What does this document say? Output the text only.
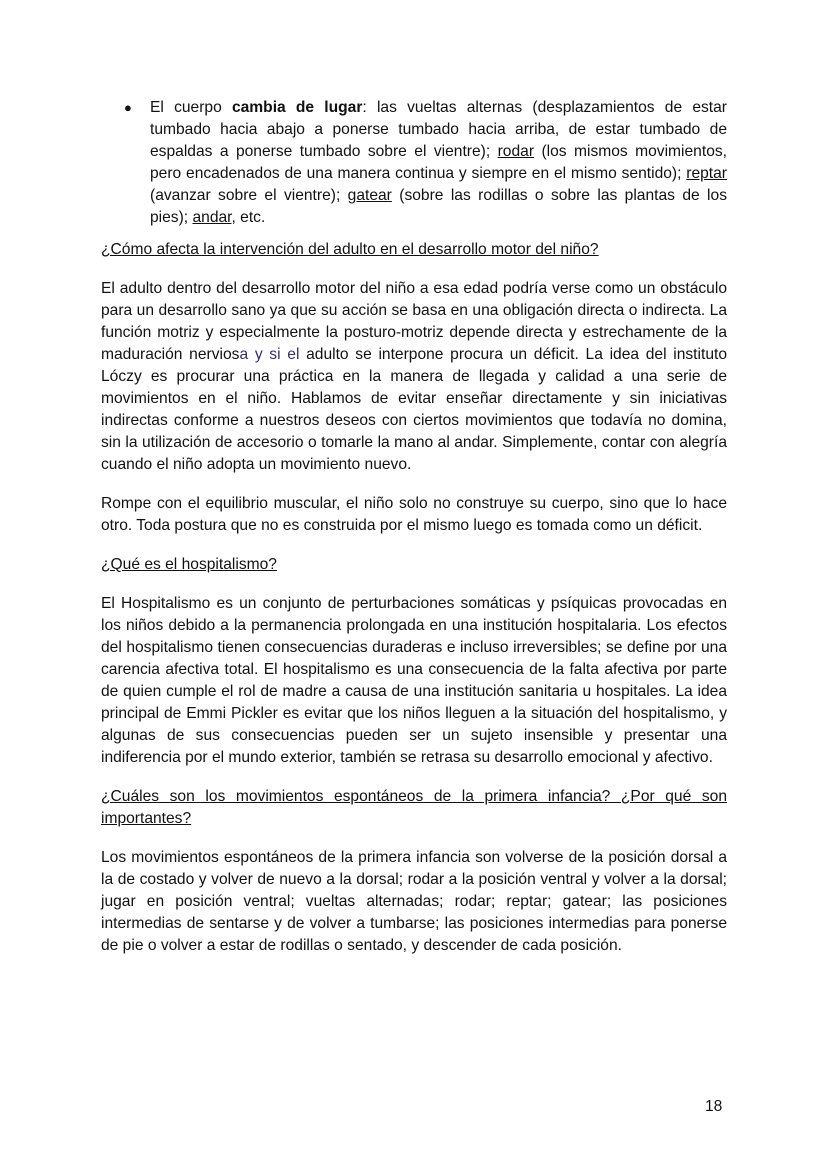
● El cuerpo cambia de lugar: las vueltas alternas (desplazamientos de estar tumbado hacia abajo a ponerse tumbado hacia arriba, de estar tumbado de espaldas a ponerse tumbado sobre el vientre); rodar (los mismos movimientos, pero encadenados de una manera continua y siempre en el mismo sentido); reptar (avanzar sobre el vientre); gatear (sobre las rodillas o sobre las plantas de los pies); andar, etc.

¿Cómo afecta la intervención del adulto en el desarrollo motor del niño?

El adulto dentro del desarrollo motor del niño a esa edad podría verse como un obstáculo para un desarrollo sano ya que su acción se basa en una obligación directa o indirecta. La función motriz y especialmente la posturo-motriz depende directa y estrechamente de la maduración nerviosa y si el adulto se interpone procura un déficit. La idea del instituto Lóczy es procurar una práctica en la manera de llegada y calidad a una serie de movimientos en el niño. Hablamos de evitar enseñar directamente y sin iniciativas indirectas conforme a nuestros deseos con ciertos movimientos que todavía no domina, sin la utilización de accesorio o tomarle la mano al andar. Simplemente, contar con alegría cuando el niño adopta un movimiento nuevo.

Rompe con el equilibrio muscular, el niño solo no construye su cuerpo, sino que lo hace otro. Toda postura que no es construida por el mismo luego es tomada como un déficit.

¿Qué es el hospitalismo?

El Hospitalismo es un conjunto de perturbaciones somáticas y psíquicas provocadas en los niños debido a la permanencia prolongada en una institución hospitalaria. Los efectos del hospitalismo tienen consecuencias duraderas e incluso irreversibles; se define por una carencia afectiva total. El hospitalismo es una consecuencia de la falta afectiva por parte de quien cumple el rol de madre a causa de una institución sanitaria u hospitales. La idea principal de Emmi Pickler es evitar que los niños lleguen a la situación del hospitalismo, y algunas de sus consecuencias pueden ser un sujeto insensible y presentar una indiferencia por el mundo exterior, también se retrasa su desarrollo emocional y afectivo.

¿Cuáles son los movimientos espontáneos de la primera infancia? ¿Por qué son importantes?

Los movimientos espontáneos de la primera infancia son volverse de la posición dorsal a la de costado y volver de nuevo a la dorsal; rodar a la posición ventral y volver a la dorsal; jugar en posición ventral; vueltas alternadas; rodar; reptar; gatear; las posiciones intermedias de sentarse y de volver a tumbarse; las posiciones intermedias para ponerse de pie o volver a estar de rodillas o sentado, y descender de cada posición.

18
